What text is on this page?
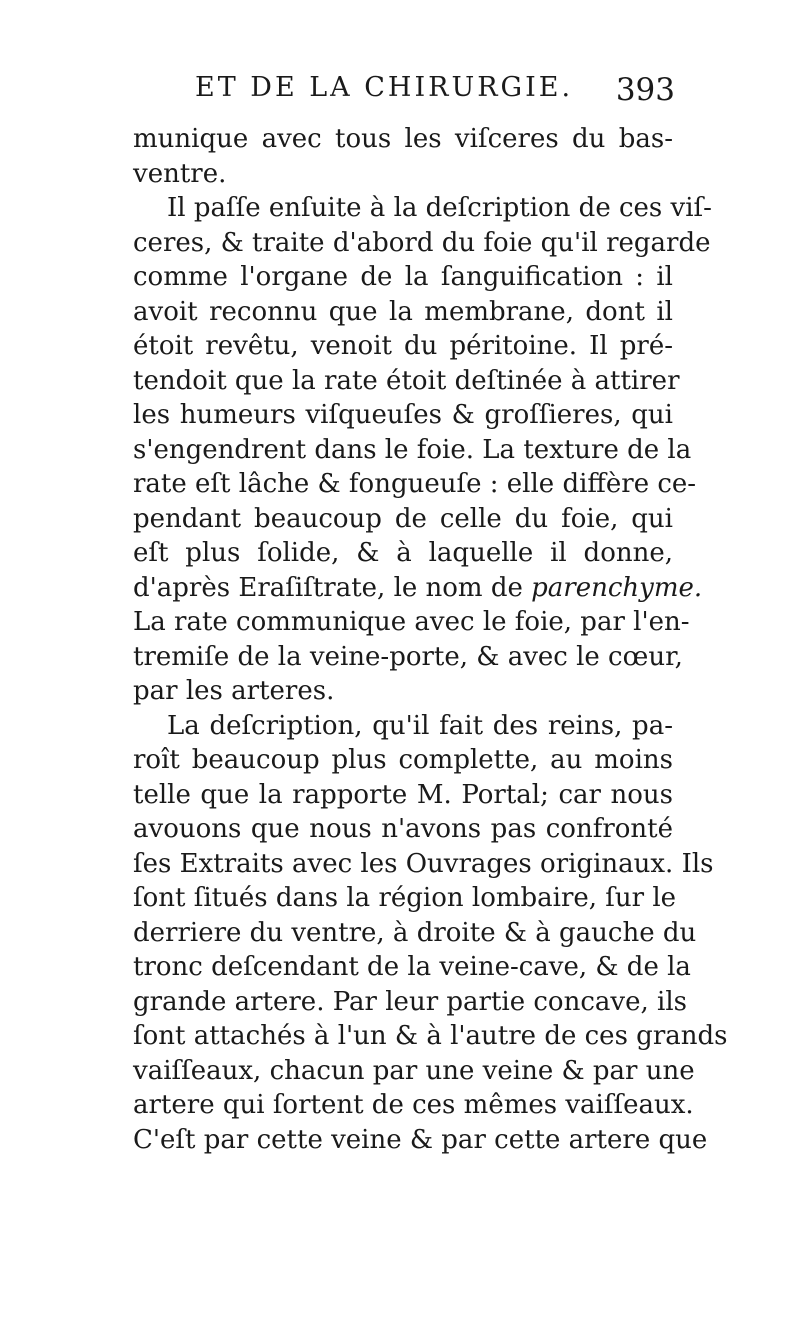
ET DE LA CHIRURGIE. 393
munique avec tous les viſceres du bas-
ventre.
Il paſſe enſuite à la deſcription de ces viſ-
ceres, & traite d'abord du foie qu'il regarde
comme l'organe de la ſanguification : il
avoit reconnu que la membrane, dont il
étoit revêtu, venoit du péritoine. Il pré-
tendoit que la rate étoit deſtinée à attirer
les humeurs viſqueuſes & groſſieres, qui
s'engendrent dans le foie. La texture de la
rate eſt lâche & fongueuſe : elle diffère ce-
pendant beaucoup de celle du foie, qui
eſt plus ſolide, & à laquelle il donne,
d'après Eraſiſtrate, le nom de parenchyme.
La rate communique avec le foie, par l'en-
tremiſe de la veine-porte, & avec le cœur,
par les arteres.
La deſcription, qu'il fait des reins, pa-
roît beaucoup plus complette, au moins
telle que la rapporte M. Portal; car nous
avouons que nous n'avons pas confronté
ſes Extraits avec les Ouvrages originaux. Ils
ſont ſitués dans la région lombaire, ſur le
derriere du ventre, à droite & à gauche du
tronc deſcendant de la veine-cave, & de la
grande artere. Par leur partie concave, ils
ſont attachés à l'un & à l'autre de ces grands
vaiſſeaux, chacun par une veine & par une
artere qui ſortent de ces mêmes vaiſſeaux.
C'eſt par cette veine & par cette artere que
